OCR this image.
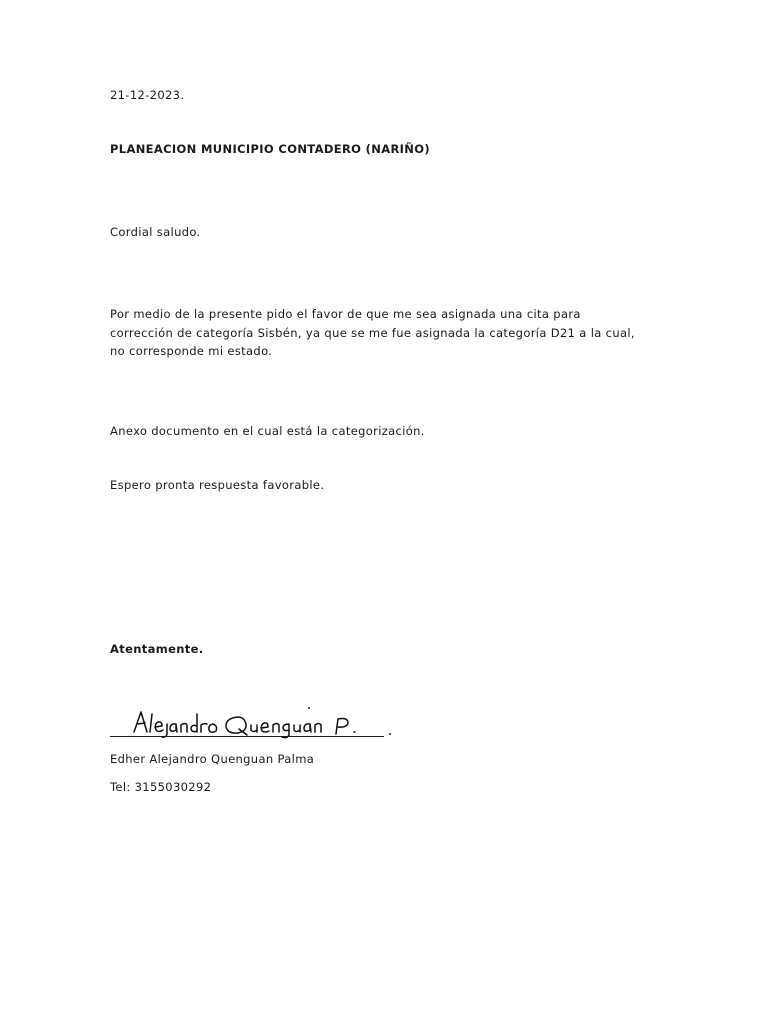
21-12-2023.
PLANEACION MUNICIPIO CONTADERO (NARIÑO)
Cordial saludo.
Por medio de la presente pido el favor de que me sea asignada una cita para corrección de categoría Sisbén, ya que se me fue asignada la categoría D21 a la cual, no corresponde mi estado.
Anexo documento en el cual está la categorización.
Espero pronta respuesta favorable.
Atentamente.
Edher Alejandro Quenguan Palma
Tel: 3155030292
